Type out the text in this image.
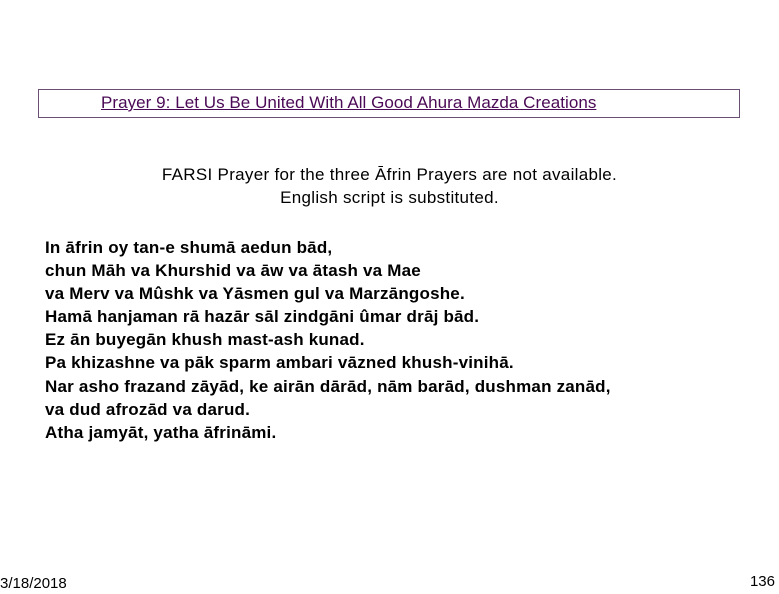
Prayer 9: Let Us Be United With All Good Ahura Mazda Creations
FARSI Prayer for the three Āfrin Prayers are not available.
English script is substituted.
In āfrin oy tan-e shumā aedun bād,
chun Māh va Khurshid va āw va ātash va Mae
va Merv va Mûshk va Yāsmen gul va Marzāngoshe.
Hamā hanjaman rā hazār sāl zindgāni ûmar drāj bād.
Ez ān buyegān khush mast-ash kunad.
Pa khizashne va pāk sparm ambari vāzned khush-vinihā.
Nar asho frazand zāyād, ke airān dārād, nām barād, dushman zanād,
va dud afrozād va darud.
Atha jamyāt, yatha āfrināmi.
3/18/2018	136
